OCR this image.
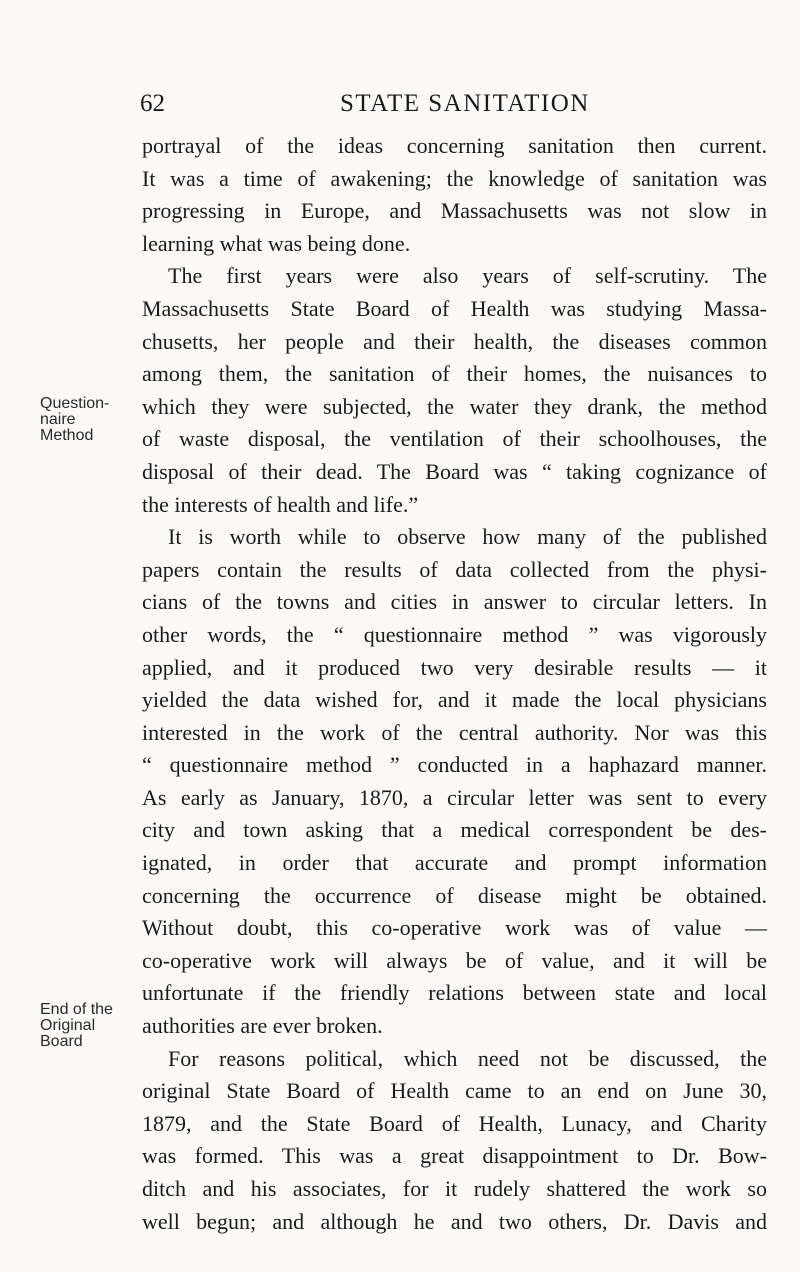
62	STATE SANITATION
Question-
naire
Method
End of the
Original
Board
portrayal of the ideas concerning sanitation then current.
It was a time of awakening; the knowledge of sanitation was
progressing in Europe, and Massachusetts was not slow in
learning what was being done.
The first years were also years of self-scrutiny. The
Massachusetts State Board of Health was studying Massa-
chusetts, her people and their health, the diseases common
among them, the sanitation of their homes, the nuisances to
which they were subjected, the water they drank, the method
of waste disposal, the ventilation of their schoolhouses, the
disposal of their dead. The Board was “ taking cognizance of
the interests of health and life.”
It is worth while to observe how many of the published
papers contain the results of data collected from the physi-
cians of the towns and cities in answer to circular letters. In
other words, the “ questionnaire method ” was vigorously
applied, and it produced two very desirable results — it
yielded the data wished for, and it made the local physicians
interested in the work of the central authority. Nor was this
“ questionnaire method ” conducted in a haphazard manner.
As early as January, 1870, a circular letter was sent to every
city and town asking that a medical correspondent be des-
ignated, in order that accurate and prompt information
concerning the occurrence of disease might be obtained.
Without doubt, this co-operative work was of value —
co-operative work will always be of value, and it will be
unfortunate if the friendly relations between state and local
authorities are ever broken.
For reasons political, which need not be discussed, the
original State Board of Health came to an end on June 30,
1879, and the State Board of Health, Lunacy, and Charity
was formed. This was a great disappointment to Dr. Bow-
ditch and his associates, for it rudely shattered the work so
well begun; and although he and two others, Dr. Davis and
